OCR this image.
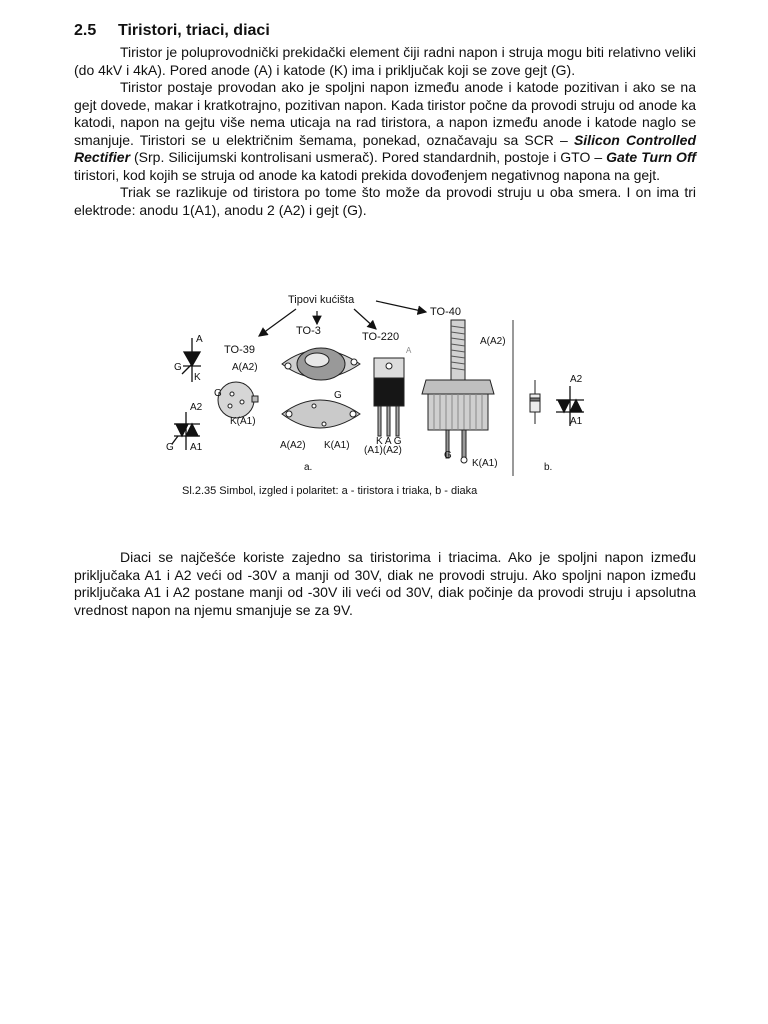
2.5 Tiristori, triaci, diaci

Tiristor je poluprovodnički prekidački element čiji radni napon i struja mogu biti relativno veliki (do 4kV i 4kA). Pored anode (A) i katode (K) ima i priključak koji se zove gejt (G).

Tiristor postaje provodan ako je spoljni napon između anode i katode pozitivan i ako se na gejt dovede, makar i kratkotrajno, pozitivan napon. Kada tiristor počne da provodi struju od anode ka katodi, napon na gejtu više nema uticaja na rad tiristora, a napon između anode i katode naglo se smanjuje. Tiristori se u električnim šemama, ponekad, označavaju sa SCR – Silicon Controlled Rectifier (Srp. Silicijumski kontrolisani usmerač). Pored standardnih, postoje i GTO – Gate Turn Off tiristori, kod kojih se struja od anode ka katodi prekida dovođenjem negativnog napona na gejt.

Triak se razlikuje od tiristora po tome što može da provodi struju u oba smera. I on ima tri elektrode: anodu 1(A1), anodu 2 (A2) i gejt (G).

Tipovi kućišta
TO-39
TO-3	TO-220
TO-40
A
G
K
A2
G A1
A(A2)
G
K(A1)
G
A(A2) K(A1)
A
K A G
(A1)(A2)
A(A2)
G
K(A1)
A2
A1
a.	b.
Sl.2.35 Simbol, izgled i polaritet: a - tiristora i triaka, b - diaka

Diaci se najčešće koriste zajedno sa tiristorima i triacima. Ako je spoljni napon između priključaka A1 i A2 veći od -30V a manji od 30V, diak ne provodi struju. Ako spoljni napon između priključaka A1 i A2 postane manji od -30V ili veći od 30V, diak počinje da provodi struju i apsolutna vrednost napon na njemu smanjuje se za 9V.
